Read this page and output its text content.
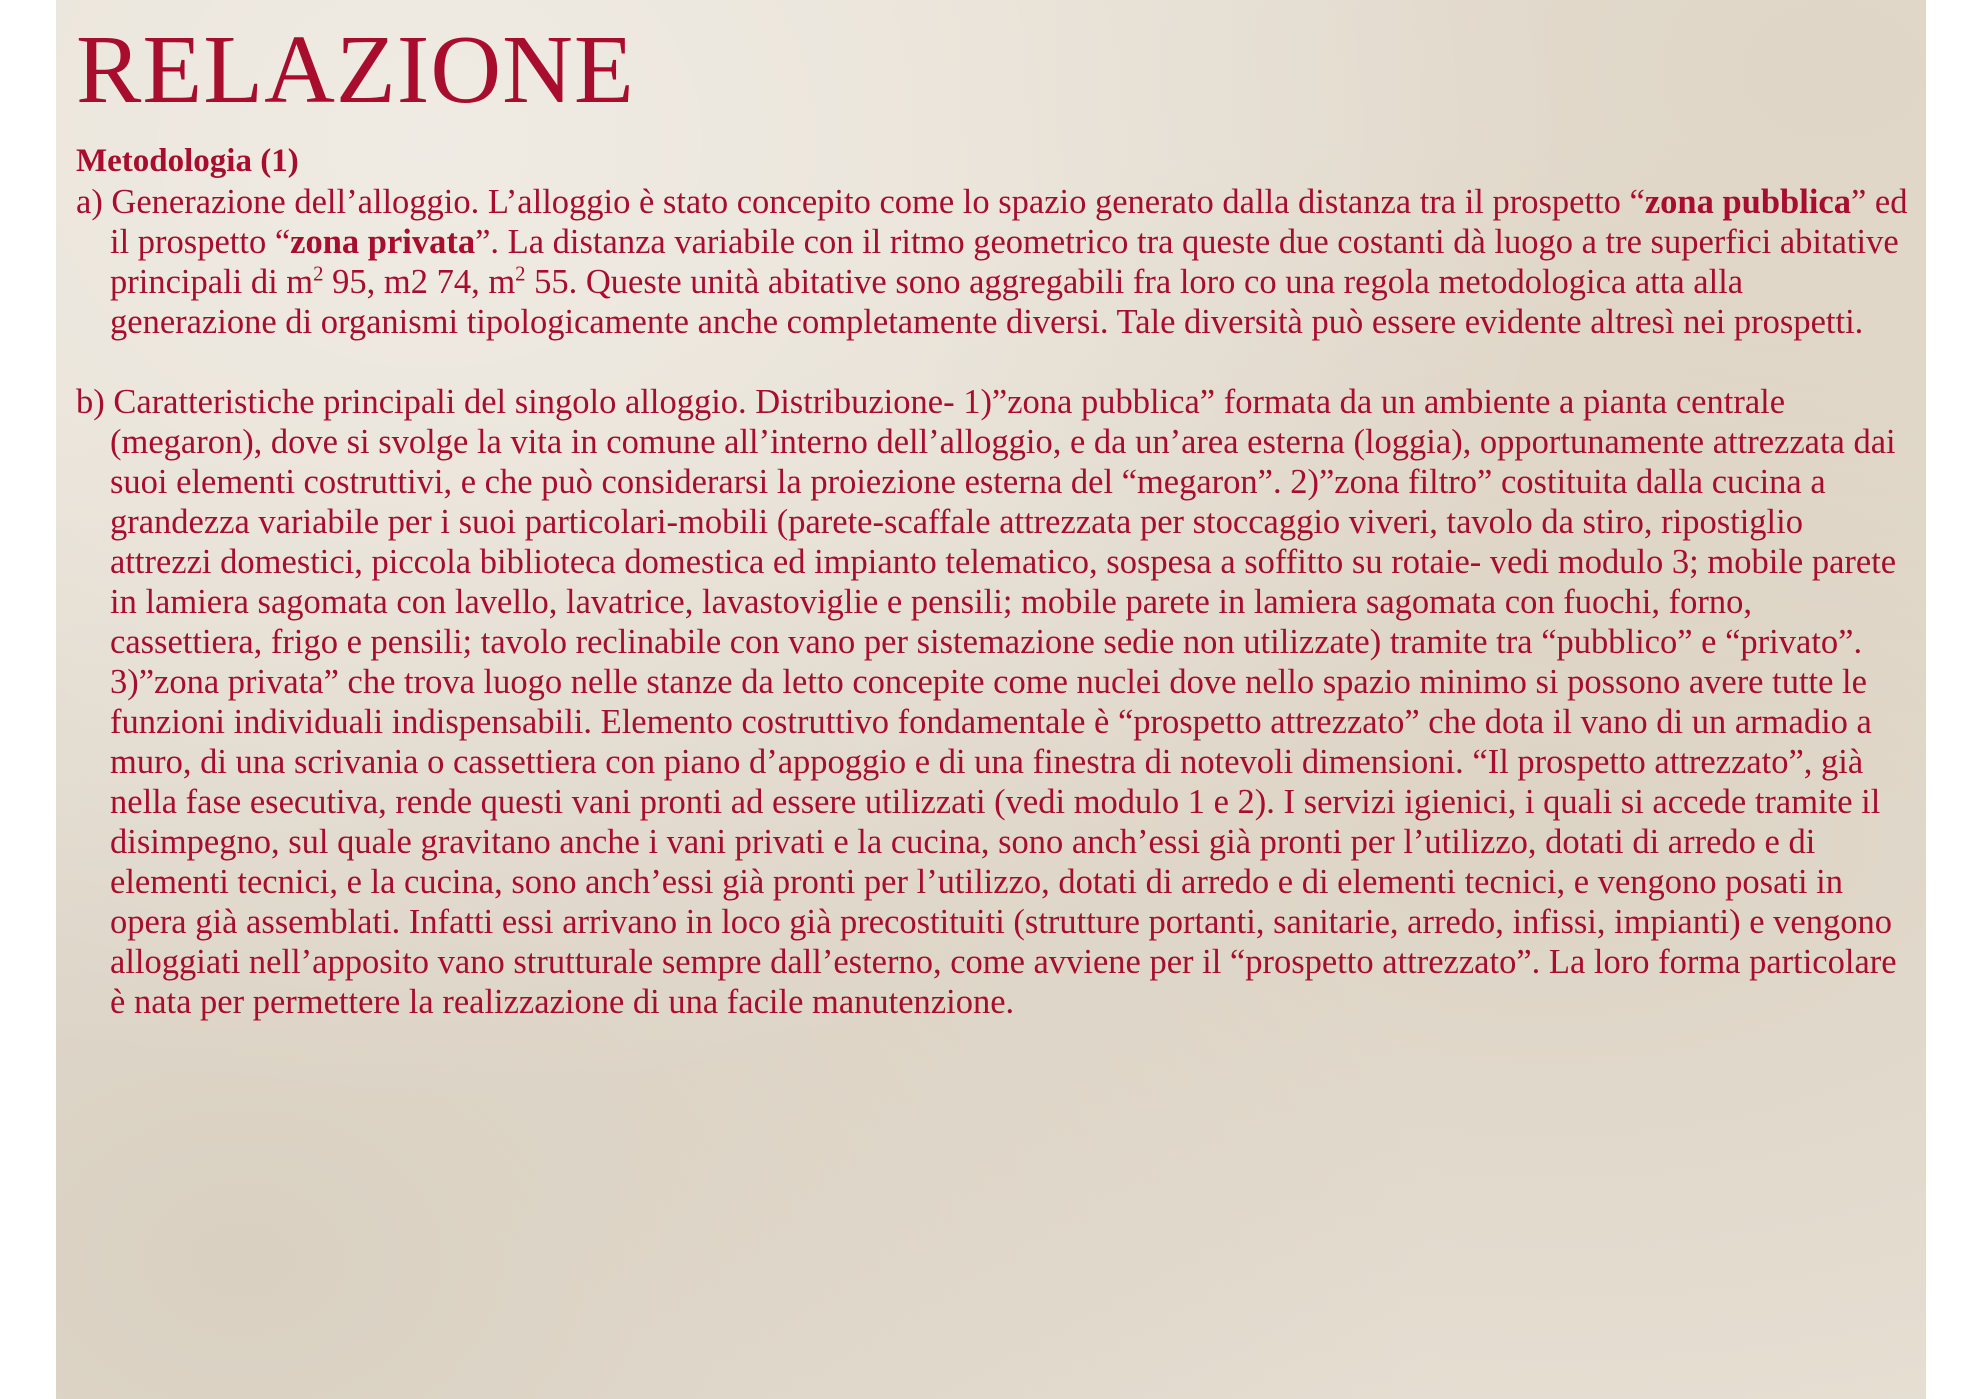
RELAZIONE
Metodologia (1)

a) Generazione dell’alloggio. L’alloggio è stato concepito come lo spazio generato dalla distanza tra il prospetto “zona pubblica” ed il prospetto “zona privata”. La distanza variabile con il ritmo geometrico tra queste due costanti dà luogo a tre superfici abitative principali di $m^2$ 95, m2 74, $m^2$ 55. Queste unità abitative sono aggregabili fra loro co una regola metodologica atta alla generazione di organismi tipologicamente anche completamente diversi. Tale diversità può essere evidente altresì nei prospetti.

b) Caratteristiche principali del singolo alloggio. Distribuzione- 1)”zona pubblica” formata da un ambiente a pianta centrale (megaron), dove si svolge la vita in comune all’interno dell’alloggio, e da un’area esterna (loggia), opportunamente attrezzata dai suoi elementi costruttivi, e che può considerarsi la proiezione esterna del “megaron”. 2)”zona filtro” costituita dalla cucina a grandezza variabile per i suoi particolari-mobili (parete-scaffale attrezzata per stoccaggio viveri, tavolo da stiro, ripostiglio attrezzi domestici, piccola biblioteca domestica ed impianto telematico, sospesa a soffitto su rotaie- vedi modulo 3; mobile parete in lamiera sagomata con lavello, lavatrice, lavastoviglie e pensili; mobile parete in lamiera sagomata con fuochi, forno, cassettiera, frigo e pensili; tavolo reclinabile con vano per sistemazione sedie non utilizzate) tramite tra “pubblico” e “privato”. 3)”zona privata” che trova luogo nelle stanze da letto concepite come nuclei dove nello spazio minimo si possono avere tutte le funzioni individuali indispensabili. Elemento costruttivo fondamentale è “prospetto attrezzato” che dota il vano di un armadio a muro, di una scrivania o cassettiera con piano d’appoggio e di una finestra di notevoli dimensioni. “Il prospetto attrezzato”, già nella fase esecutiva, rende questi vani pronti ad essere utilizzati (vedi modulo 1 e 2). I servizi igienici, i quali si accede tramite il disimpegno, sul quale gravitano anche i vani privati e la cucina, sono anch’essi già pronti per l’utilizzo, dotati di arredo e di elementi tecnici, e la cucina, sono anch’essi già pronti per l’utilizzo, dotati di arredo e di elementi tecnici, e vengono posati in opera già assemblati. Infatti essi arrivano in loco già precostituiti (strutture portanti, sanitarie, arredo, infissi, impianti) e vengono alloggiati nell’apposito vano strutturale sempre dall’esterno, come avviene per il “prospetto attrezzato”. La loro forma particolare è nata per permettere la realizzazione di una facile manutenzione.
